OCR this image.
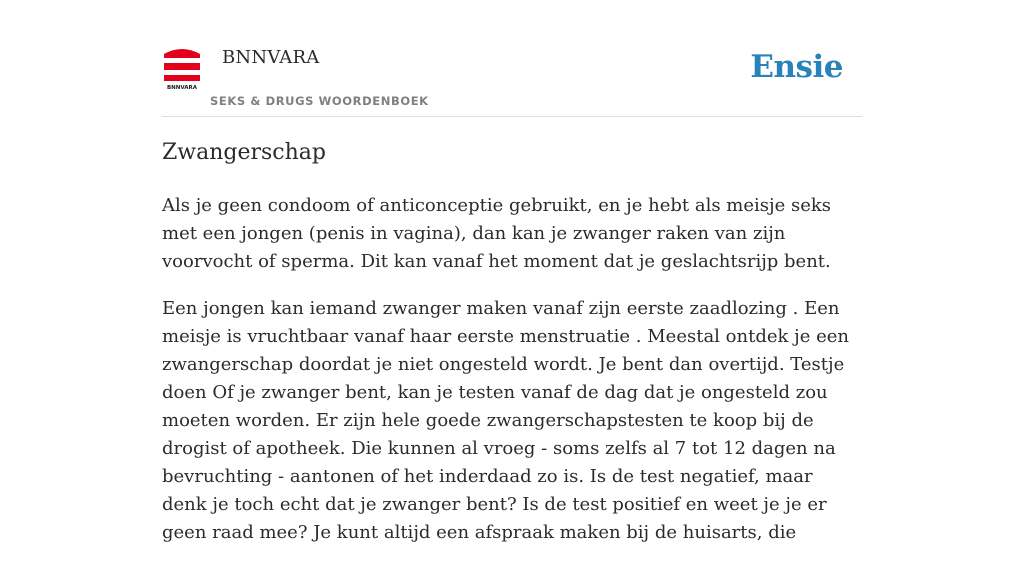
BNNVARA
BNNVARA
SEKS & DRUGS WOORDENBOEK
Ensie
Zwangerschap

Als je geen condoom of anticonceptie gebruikt, en je hebt als meisje seks met een jongen (penis in vagina), dan kan je zwanger raken van zijn voorvocht of sperma. Dit kan vanaf het moment dat je geslachtsrijp bent.

Een jongen kan iemand zwanger maken vanaf zijn eerste zaadlozing . Een meisje is vruchtbaar vanaf haar eerste menstruatie . Meestal ontdek je een zwangerschap doordat je niet ongesteld wordt. Je bent dan overtijd. Testje doen Of je zwanger bent, kan je testen vanaf de dag dat je ongesteld zou moeten worden. Er zijn hele goede zwangerschapstesten te koop bij de drogist of apotheek. Die kunnen al vroeg - soms zelfs al 7 tot 12 dagen na bevruchting - aantonen of het inderdaad zo is. Is de test negatief, maar denk je toch echt dat je zwanger bent? Is de test positief en weet je je er geen raad mee? Je kunt altijd een afspraak maken bij de huisarts, die
